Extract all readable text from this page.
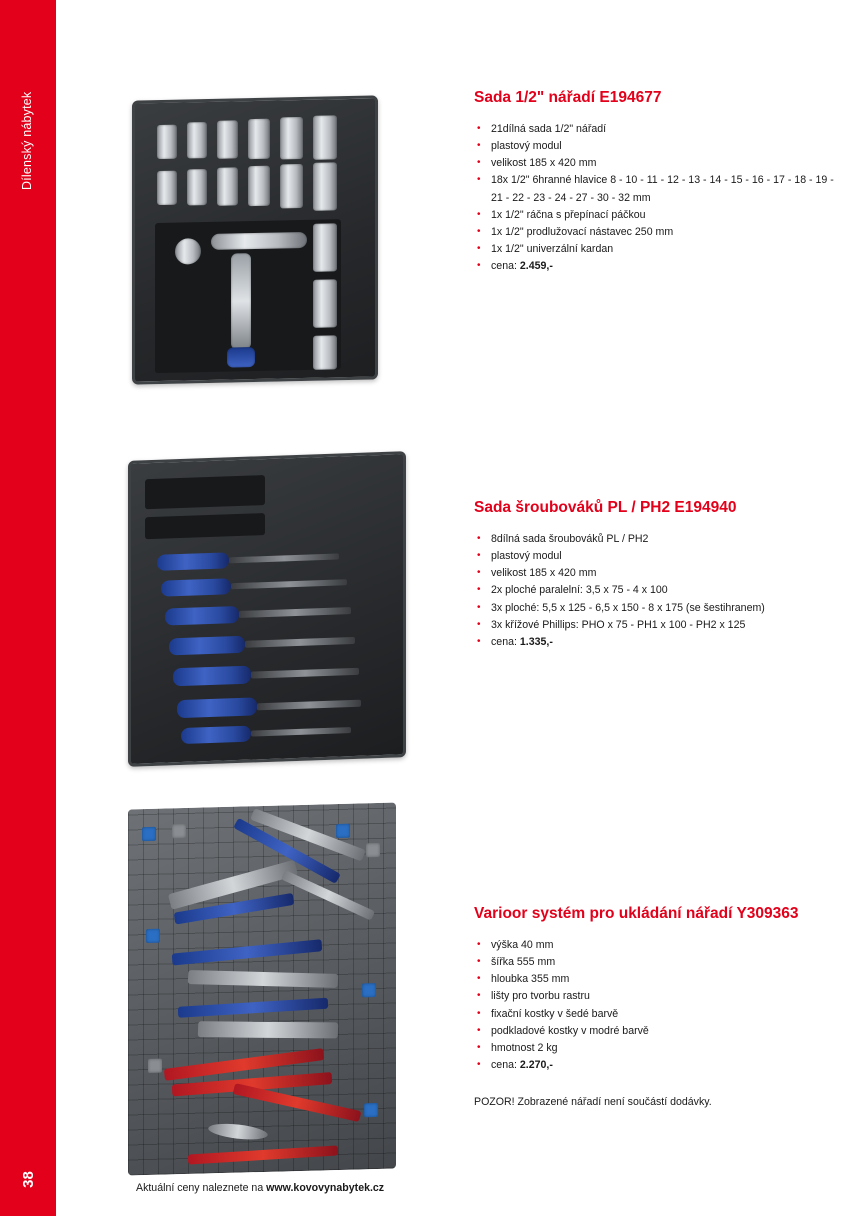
Dílenský nábytek
38
Sada 1/2" nářadí E194677
• 21dílná sada 1/2" nářadí
• plastový modul
• velikost 185 x 420 mm
• 18x 1/2" 6hranné hlavice 8 - 10 - 11 - 12 - 13 - 14 - 15 - 16 - 17 - 18 - 19 - 21 - 22 - 23 - 24 - 27 - 30 - 32 mm
• 1x 1/2" ráčna s přepínací páčkou
• 1x 1/2" prodlužovací nástavec 250 mm
• 1x 1/2" univerzální kardan
• cena: 2.459,-
Sada šroubováků PL / PH2 E194940
• 8dílná sada šroubováků PL / PH2
• plastový modul
• velikost 185 x 420 mm
• 2x ploché paralelní: 3,5 x 75 - 4 x 100
• 3x ploché: 5,5 x 125 - 6,5 x 150 - 8 x 175 (se šestihranem)
• 3x křížové Phillips: PHO x 75 - PH1 x 100 - PH2 x 125
• cena: 1.335,-
Varioor systém pro ukládání nářadí Y309363
• výška 40 mm
• šířka 555 mm
• hloubka 355 mm
• lišty pro tvorbu rastru
• fixační kostky v šedé barvě
• podkladové kostky v modré barvě
• hmotnost 2 kg
• cena: 2.270,-
POZOR! Zobrazené nářadí není součástí dodávky.
Aktuální ceny naleznete na www.kovovynabytek.cz
